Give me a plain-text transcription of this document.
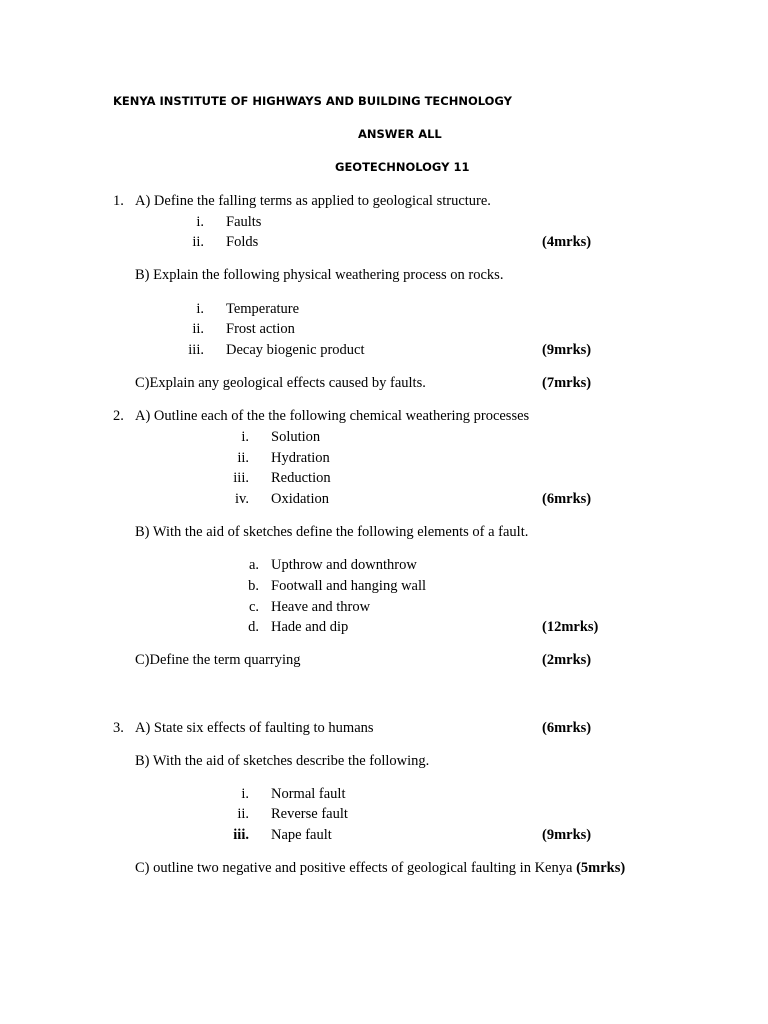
KENYA INSTITUTE OF HIGHWAYS AND BUILDING TECHNOLOGY
ANSWER ALL
GEOTECHNOLOGY 11
1. A) Define the falling terms as applied to geological structure.
i. Faults
ii. Folds	(4mrks)
B) Explain the following physical weathering process on rocks.
i. Temperature
ii. Frost action
iii. Decay biogenic product	(9mrks)
C)Explain any geological effects caused by faults.	(7mrks)
2. A) Outline each of the the following chemical weathering processes
i. Solution
ii. Hydration
iii. Reduction
iv. Oxidation	(6mrks)
B) With the aid of sketches define the following elements of a fault.
a. Upthrow and downthrow
b. Footwall and hanging wall
c. Heave and throw
d. Hade and dip	(12mrks)
C)Define the term quarrying	(2mrks)
3. A) State six effects of faulting to humans	(6mrks)
B) With the aid of sketches describe the following.
i. Normal fault
ii. Reverse fault
iii. Nape fault	(9mrks)
C) outline two negative and positive effects of geological faulting in Kenya (5mrks)
